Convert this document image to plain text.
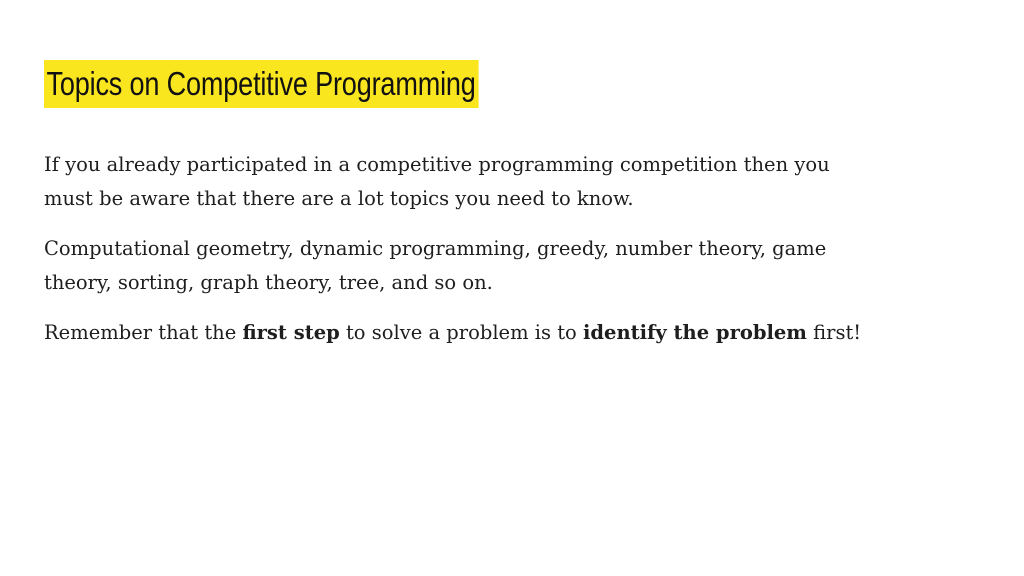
Topics on Competitive Programming

If you already participated in a competitive programming competition then you
must be aware that there are a lot topics you need to know.

Computational geometry, dynamic programming, greedy, number theory, game
theory, sorting, graph theory, tree, and so on.

Remember that the first step to solve a problem is to identify the problem first!
